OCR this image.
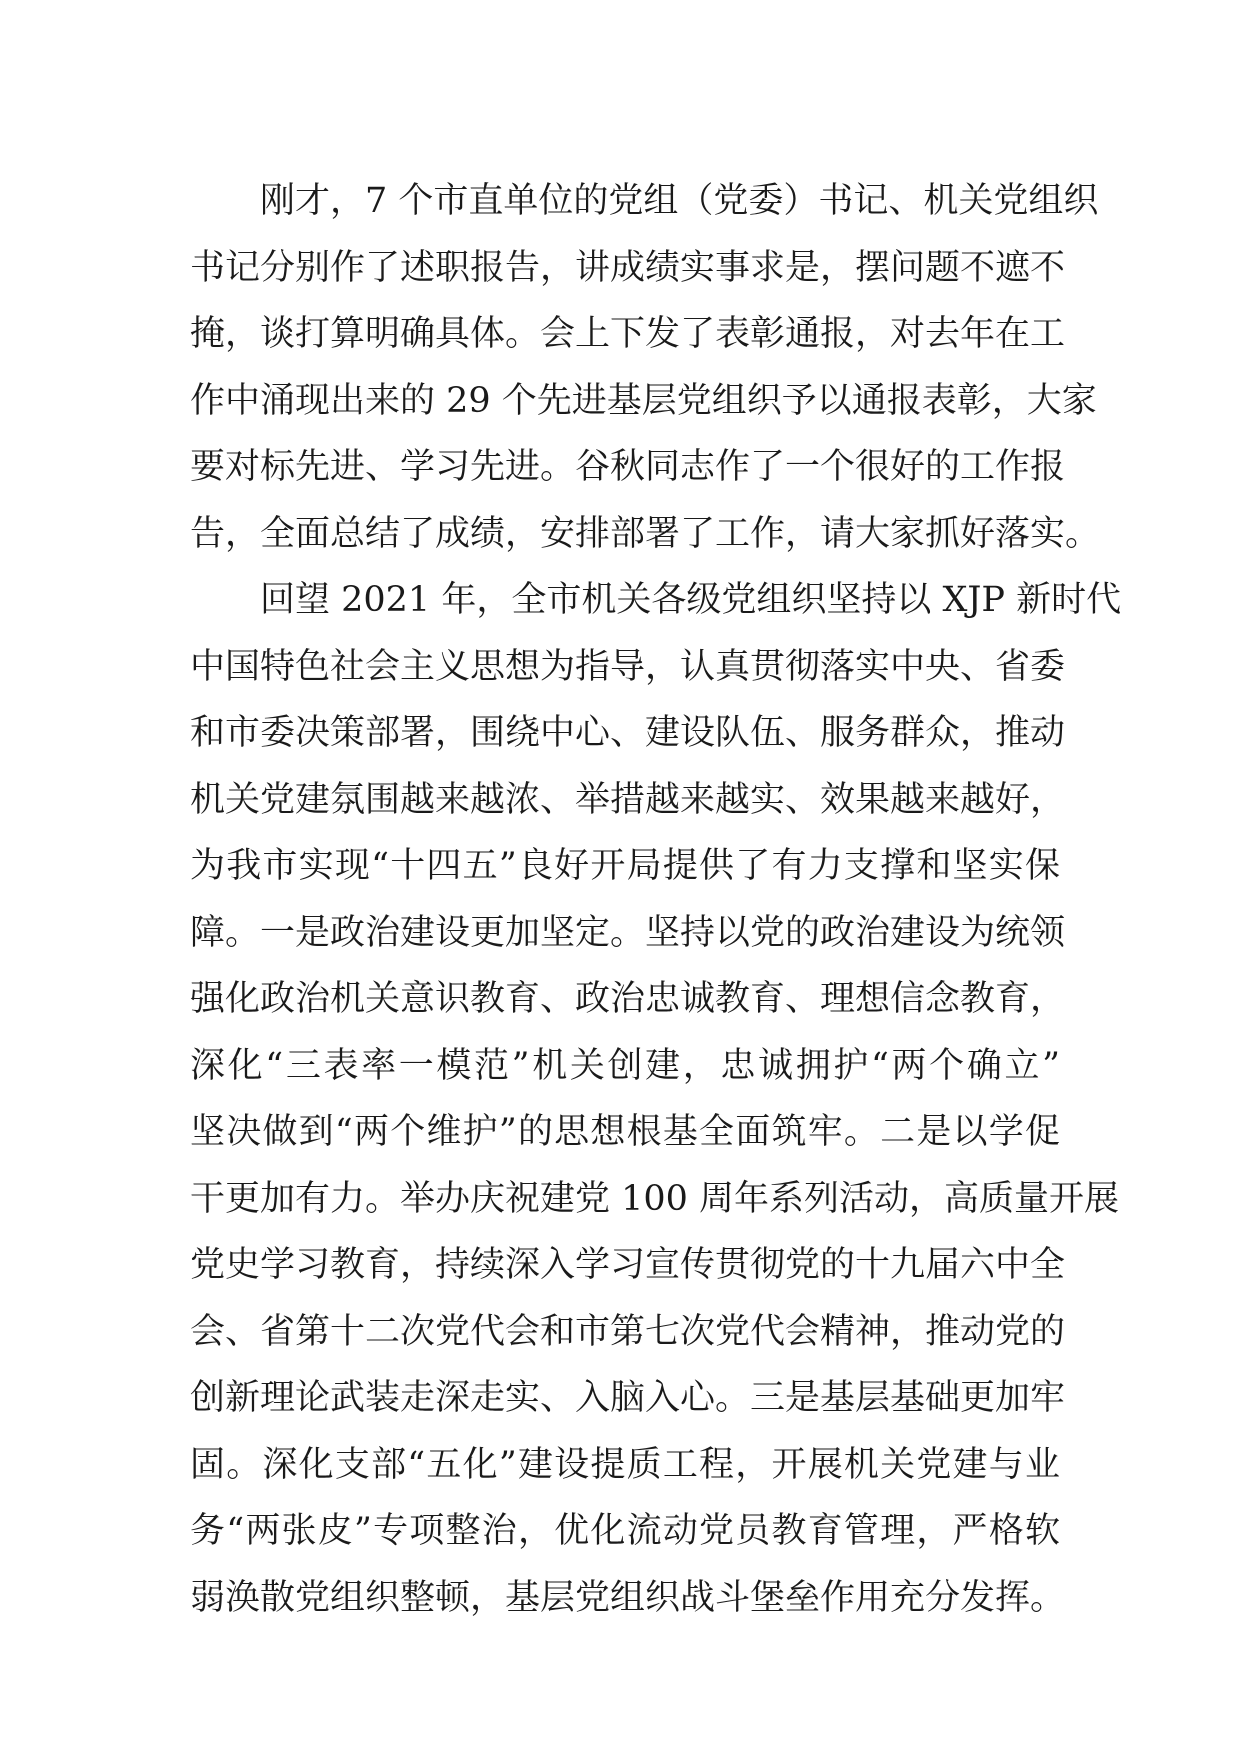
刚才，7 个市直单位的党组（党委）书记、机关党组织
书记分别作了述职报告，讲成绩实事求是，摆问题不遮不
掩，谈打算明确具体。会上下发了表彰通报，对去年在工
作中涌现出来的 29 个先进基层党组织予以通报表彰，大家
要对标先进、学习先进。谷秋同志作了一个很好的工作报
告，全面总结了成绩，安排部署了工作，请大家抓好落实。
回望 2021 年，全市机关各级党组织坚持以 XJP 新时代
中国特色社会主义思想为指导，认真贯彻落实中央、省委
和市委决策部署，围绕中心、建设队伍、服务群众，推动
机关党建氛围越来越浓、举措越来越实、效果越来越好，
为我市实现“十四五”良好开局提供了有力支撑和坚实保
障。一是政治建设更加坚定。坚持以党的政治建设为统领
强化政治机关意识教育、政治忠诚教育、理想信念教育，
深化“三表率一模范”机关创建，忠诚拥护“两个确立”
坚决做到“两个维护”的思想根基全面筑牢。二是以学促
干更加有力。举办庆祝建党 100 周年系列活动，高质量开展
党史学习教育，持续深入学习宣传贯彻党的十九届六中全
会、省第十二次党代会和市第七次党代会精神，推动党的
创新理论武装走深走实、入脑入心。三是基层基础更加牢
固。深化支部“五化”建设提质工程，开展机关党建与业
务“两张皮”专项整治，优化流动党员教育管理，严格软
弱涣散党组织整顿，基层党组织战斗堡垒作用充分发挥。
